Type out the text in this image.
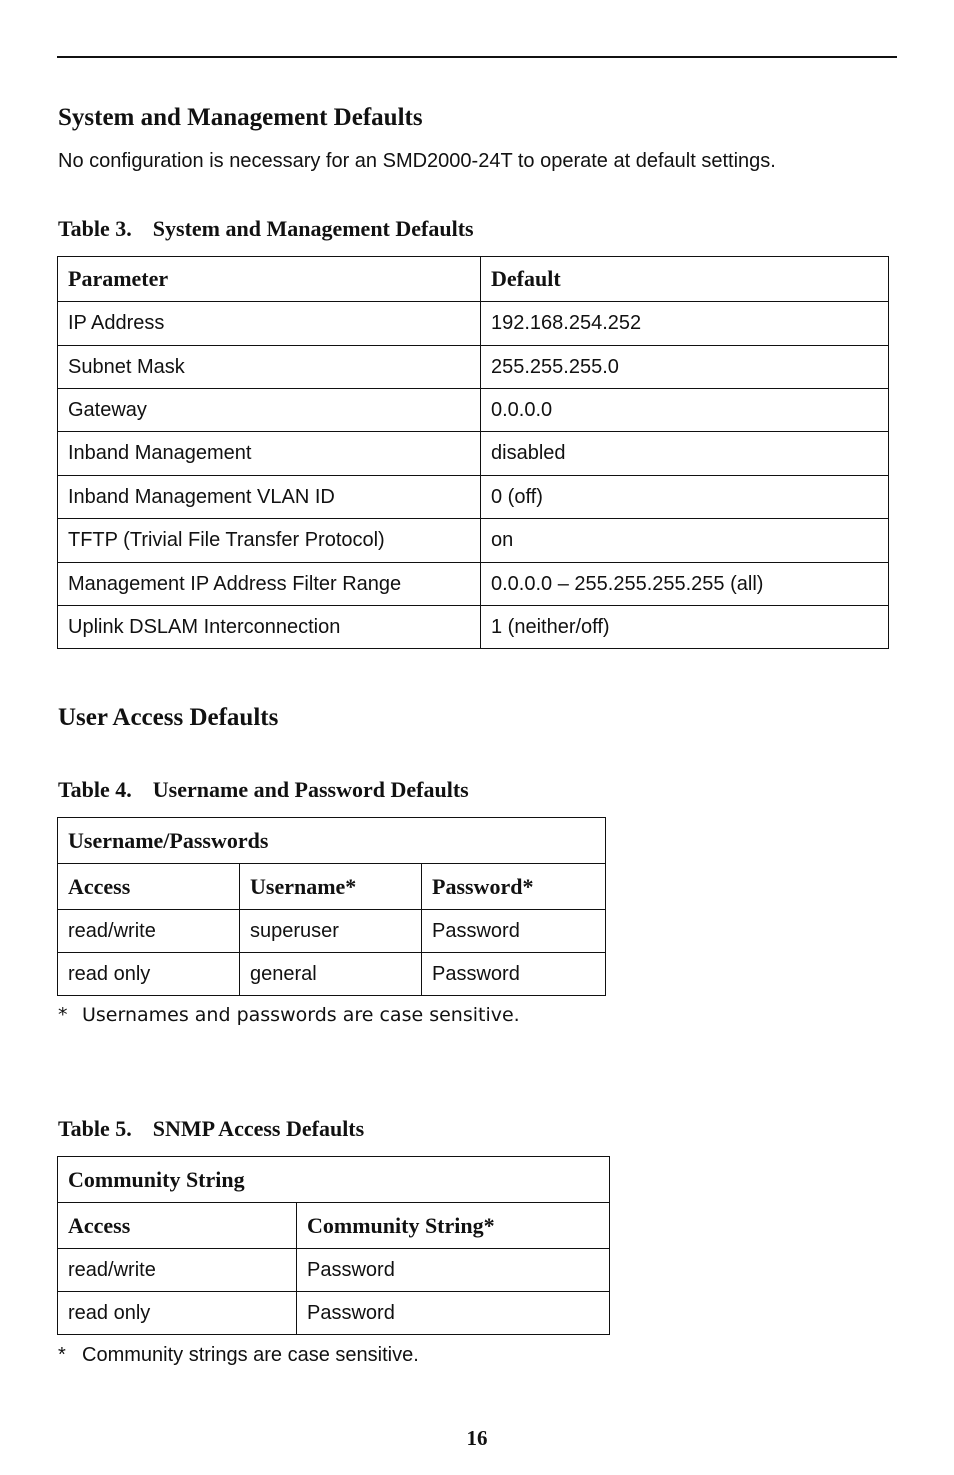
System and Management Defaults

No configuration is necessary for an SMD2000-24T to operate at default settings.

Table 3. System and Management Defaults

Parameter	Default
IP Address	192.168.254.252
Subnet Mask	255.255.255.0
Gateway	0.0.0.0
Inband Management	disabled
Inband Management VLAN ID	0 (off)
TFTP (Trivial File Transfer Protocol)	on
Management IP Address Filter Range	0.0.0.0 – 255.255.255.255 (all)
Uplink DSLAM Interconnection	1 (neither/off)
User Access Defaults

Table 4. Username and Password Defaults

Username/Passwords		
Access	Username*	Password*
read/write	superuser	Password
read only	general	Password

* Usernames and passwords are case sensitive.

Table 5. SNMP Access Defaults

Community String	
Access	Community String*
read/write	Password
read only	Password

* Community strings are case sensitive.

16
